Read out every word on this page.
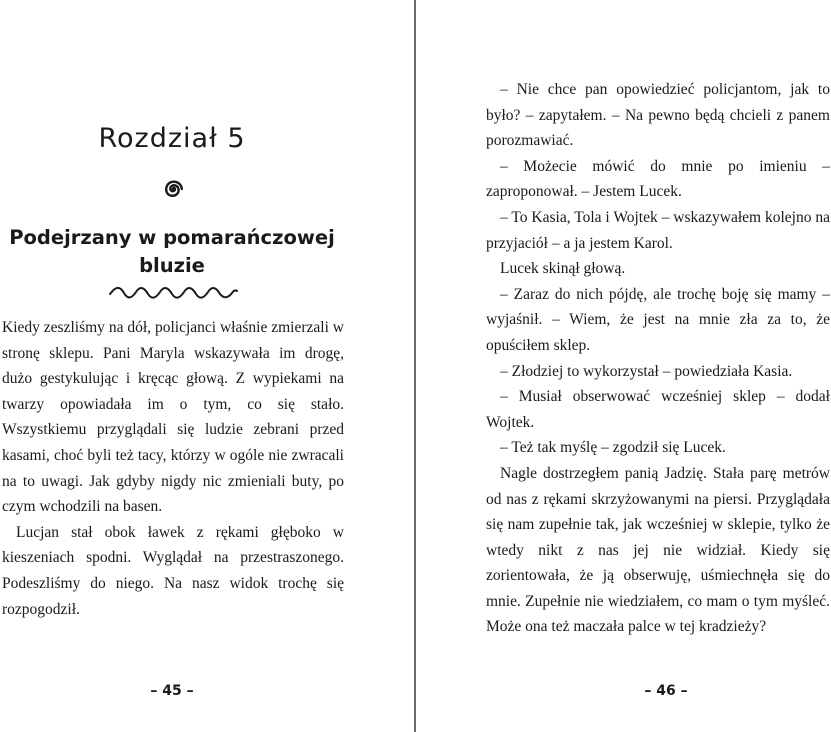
Rozdział 5
Podejrzany w pomarańczowej
bluzie

Kiedy zeszliśmy na dół, policjanci właśnie zmierzali w stronę sklepu. Pani Maryla wskazywała im drogę, dużo gestykulując i kręcąc głową. Z wypiekami na twarzy opowiadała im o tym, co się stało. Wszystkiemu przyglądali się ludzie zebrani przed kasami, choć byli też tacy, którzy w ogóle nie zwracali na to uwagi. Jak gdyby nigdy nic zmieniali buty, po czym wchodzili na basen.

Lucjan stał obok ławek z rękami głęboko w kieszeniach spodni. Wyglądał na przestraszonego. Podeszliśmy do niego. Na nasz widok trochę się rozpogodził.

– 45 –

– Nie chce pan opowiedzieć policjantom, jak to było? – zapytałem. – Na pewno będą chcieli z panem porozmawiać.

– Możecie mówić do mnie po imieniu – zaproponował. – Jestem Lucek.

– To Kasia, Tola i Wojtek – wskazywałem kolejno na przyjaciół – a ja jestem Karol.

Lucek skinął głową.

– Zaraz do nich pójdę, ale trochę boję się mamy – wyjaśnił. – Wiem, że jest na mnie zła za to, że opuściłem sklep.

– Złodziej to wykorzystał – powiedziała Kasia.

– Musiał obserwować wcześniej sklep – dodał Wojtek.

– Też tak myślę – zgodził się Lucek.

Nagle dostrzegłem panią Jadzię. Stała parę metrów od nas z rękami skrzyżowanymi na piersi. Przyglądała się nam zupełnie tak, jak wcześniej w sklepie, tylko że wtedy nikt z nas jej nie widział. Kiedy się zorientowała, że ją obserwuję, uśmiechnęła się do mnie. Zupełnie nie wiedziałem, co mam o tym myśleć. Może ona też maczała palce w tej kradzieży?

– 46 –
